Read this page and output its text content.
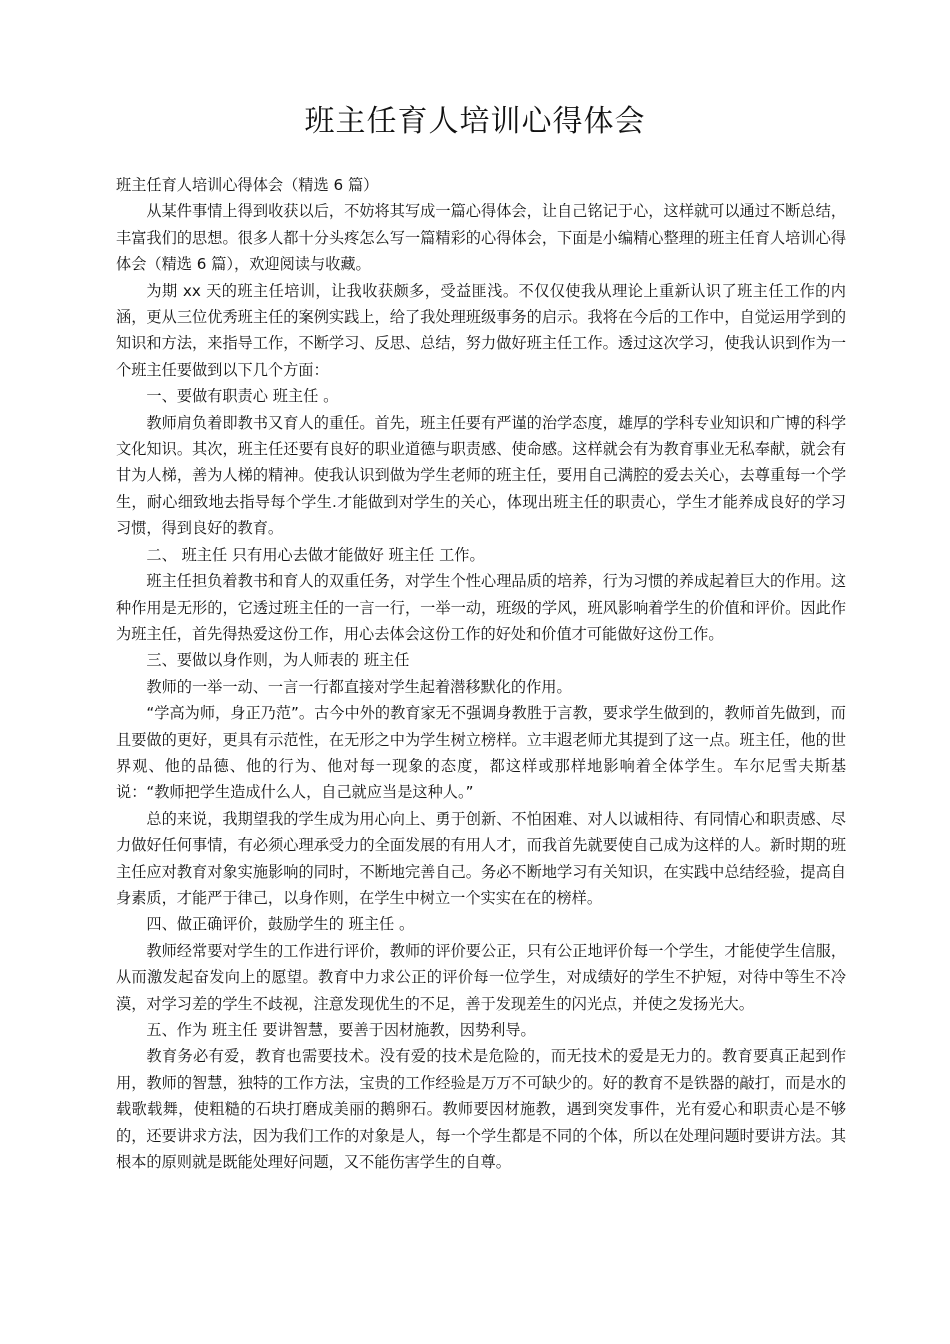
班主任育人培训心得体会

班主任育人培训心得体会（精选 6 篇）

从某件事情上得到收获以后，不妨将其写成一篇心得体会，让自己铭记于心，这样就可以通过不断总结，丰富我们的思想。很多人都十分头疼怎么写一篇精彩的心得体会，下面是小编精心整理的班主任育人培训心得体会（精选 6 篇），欢迎阅读与收藏。

为期 xx 天的班主任培训，让我收获颇多，受益匪浅。不仅仅使我从理论上重新认识了班主任工作的内涵，更从三位优秀班主任的案例实践上，给了我处理班级事务的启示。我将在今后的工作中，自觉运用学到的知识和方法，来指导工作，不断学习、反思、总结，努力做好班主任工作。透过这次学习，使我认识到作为一个班主任要做到以下几个方面：

一、要做有职责心 班主任 。

教师肩负着即教书又育人的重任。首先，班主任要有严谨的治学态度，雄厚的学科专业知识和广博的科学文化知识。其次，班主任还要有良好的职业道德与职责感、使命感。这样就会有为教育事业无私奉献，就会有甘为人梯，善为人梯的精神。使我认识到做为学生老师的班主任，要用自己满腔的爱去关心，去尊重每一个学生，耐心细致地去指导每个学生.才能做到对学生的关心，体现出班主任的职责心，学生才能养成良好的学习习惯，得到良好的教育。

二、 班主任 只有用心去做才能做好 班主任 工作。

班主任担负着教书和育人的双重任务，对学生个性心理品质的培养，行为习惯的养成起着巨大的作用。这种作用是无形的，它透过班主任的一言一行，一举一动，班级的学风，班风影响着学生的价值和评价。因此作为班主任，首先得热爱这份工作，用心去体会这份工作的好处和价值才可能做好这份工作。

三、要做以身作则，为人师表的 班主任

教师的一举一动、一言一行都直接对学生起着潜移默化的作用。

“学高为师，身正乃范”。古今中外的教育家无不强调身教胜于言教，要求学生做到的，教师首先做到，而且要做的更好，更具有示范性，在无形之中为学生树立榜样。立丰遐老师尤其提到了这一点。班主任，他的世界观、他的品德、他的行为、他对每一现象的态度，都这样或那样地影响着全体学生。车尔尼雪夫斯基说：“教师把学生造成什么人，自己就应当是这种人。”

总的来说，我期望我的学生成为用心向上、勇于创新、不怕困难、对人以诚相待、有同情心和职责感、尽力做好任何事情，有必须心理承受力的全面发展的有用人才，而我首先就要使自己成为这样的人。新时期的班主任应对教育对象实施影响的同时，不断地完善自己。务必不断地学习有关知识，在实践中总结经验，提高自身素质，才能严于律己，以身作则，在学生中树立一个实实在在的榜样。

四、做正确评价，鼓励学生的 班主任 。

教师经常要对学生的工作进行评价，教师的评价要公正，只有公正地评价每一个学生，才能使学生信服，从而激发起奋发向上的愿望。教育中力求公正的评价每一位学生，对成绩好的学生不护短，对待中等生不冷漠，对学习差的学生不歧视，注意发现优生的不足，善于发现差生的闪光点，并使之发扬光大。

五、作为 班主任 要讲智慧，要善于因材施教，因势利导。

教育务必有爱，教育也需要技术。没有爱的技术是危险的，而无技术的爱是无力的。教育要真正起到作用，教师的智慧，独特的工作方法，宝贵的工作经验是万万不可缺少的。好的教育不是铁器的敲打，而是水的载歌载舞，使粗糙的石块打磨成美丽的鹅卵石。教师要因材施教，遇到突发事件，光有爱心和职责心是不够的，还要讲求方法，因为我们工作的对象是人，每一个学生都是不同的个体，所以在处理问题时要讲方法。其根本的原则就是既能处理好问题，又不能伤害学生的自尊。
